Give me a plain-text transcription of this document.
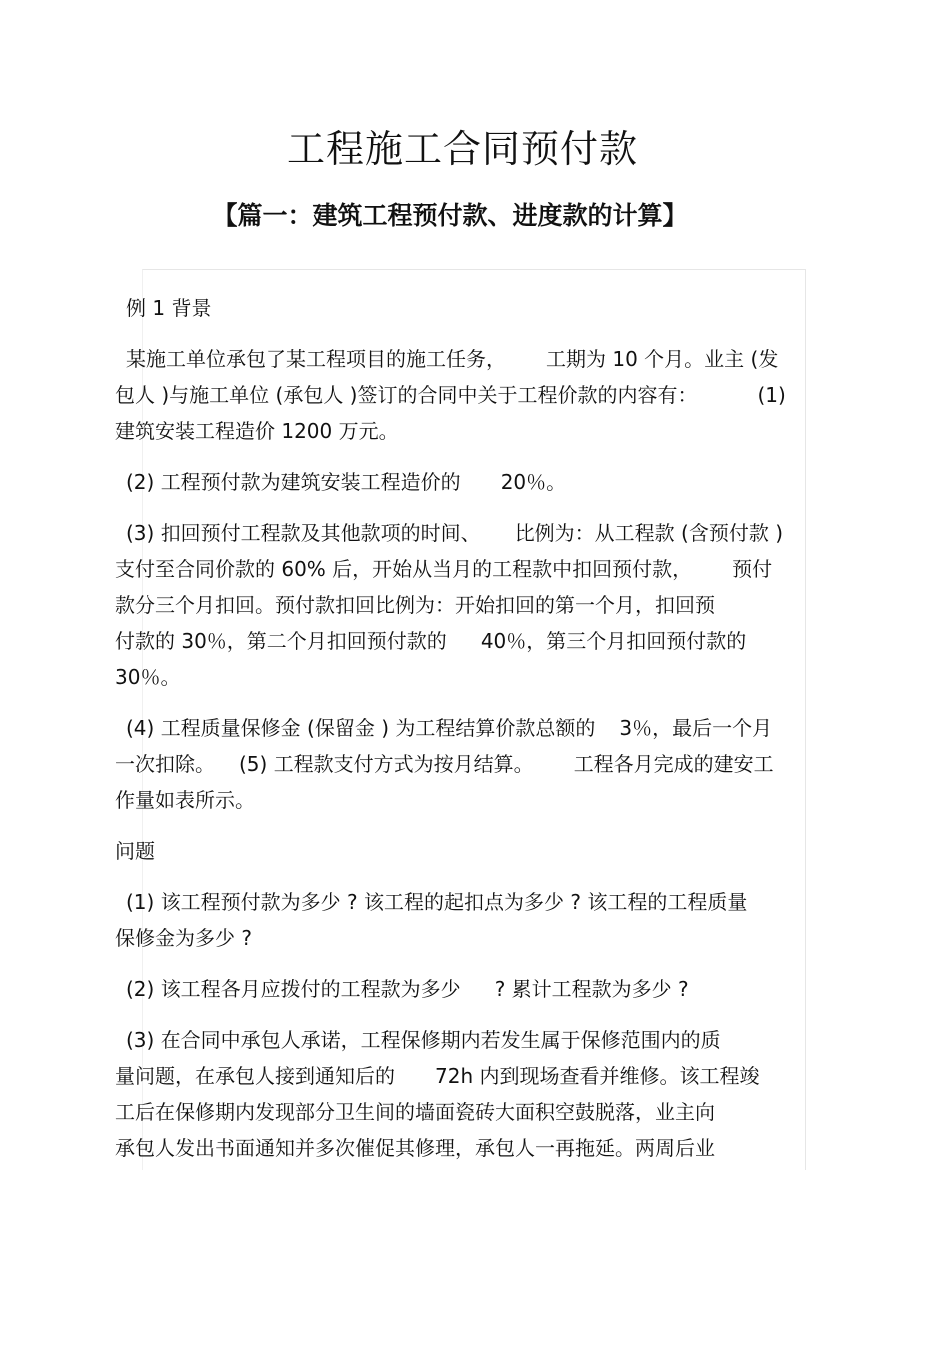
工程施工合同预付款
【篇一：建筑工程预付款、进度款的计算】

例 1 背景

某施工单位承包了某工程项目的施工任务， 工期为 10 个月。业主 (发
包人 )与施工单位 (承包人 )签订的合同中关于工程价款的内容有：	(1)
建筑安装工程造价 1200 万元。

(2) 工程预付款为建筑安装工程造价的 20％。

(3) 扣回预付工程款及其他款项的时间、 比例为：从工程款 (含预付款 )
支付至合同价款的 60% 后，开始从当月的工程款中扣回预付款， 预付
款分三个月扣回。预付款扣回比例为：开始扣回的第一个月，扣回预
付款的 30％，第二个月扣回预付款的 40％，第三个月扣回预付款的
30％。

(4) 工程质量保修金 (保留金 ) 为工程结算价款总额的 3％，最后一个月
一次扣除。 (5) 工程款支付方式为按月结算。 工程各月完成的建安工
作量如表所示。

问题

(1) 该工程预付款为多少 ? 该工程的起扣点为多少 ? 该工程的工程质量
保修金为多少 ?

(2) 该工程各月应拨付的工程款为多少 ? 累计工程款为多少 ?

(3) 在合同中承包人承诺，工程保修期内若发生属于保修范围内的质
量问题，在承包人接到通知后的 72h 内到现场查看并维修。该工程竣
工后在保修期内发现部分卫生间的墙面瓷砖大面积空鼓脱落，业主向
承包人发出书面通知并多次催促其修理，承包人一再拖延。两周后业
